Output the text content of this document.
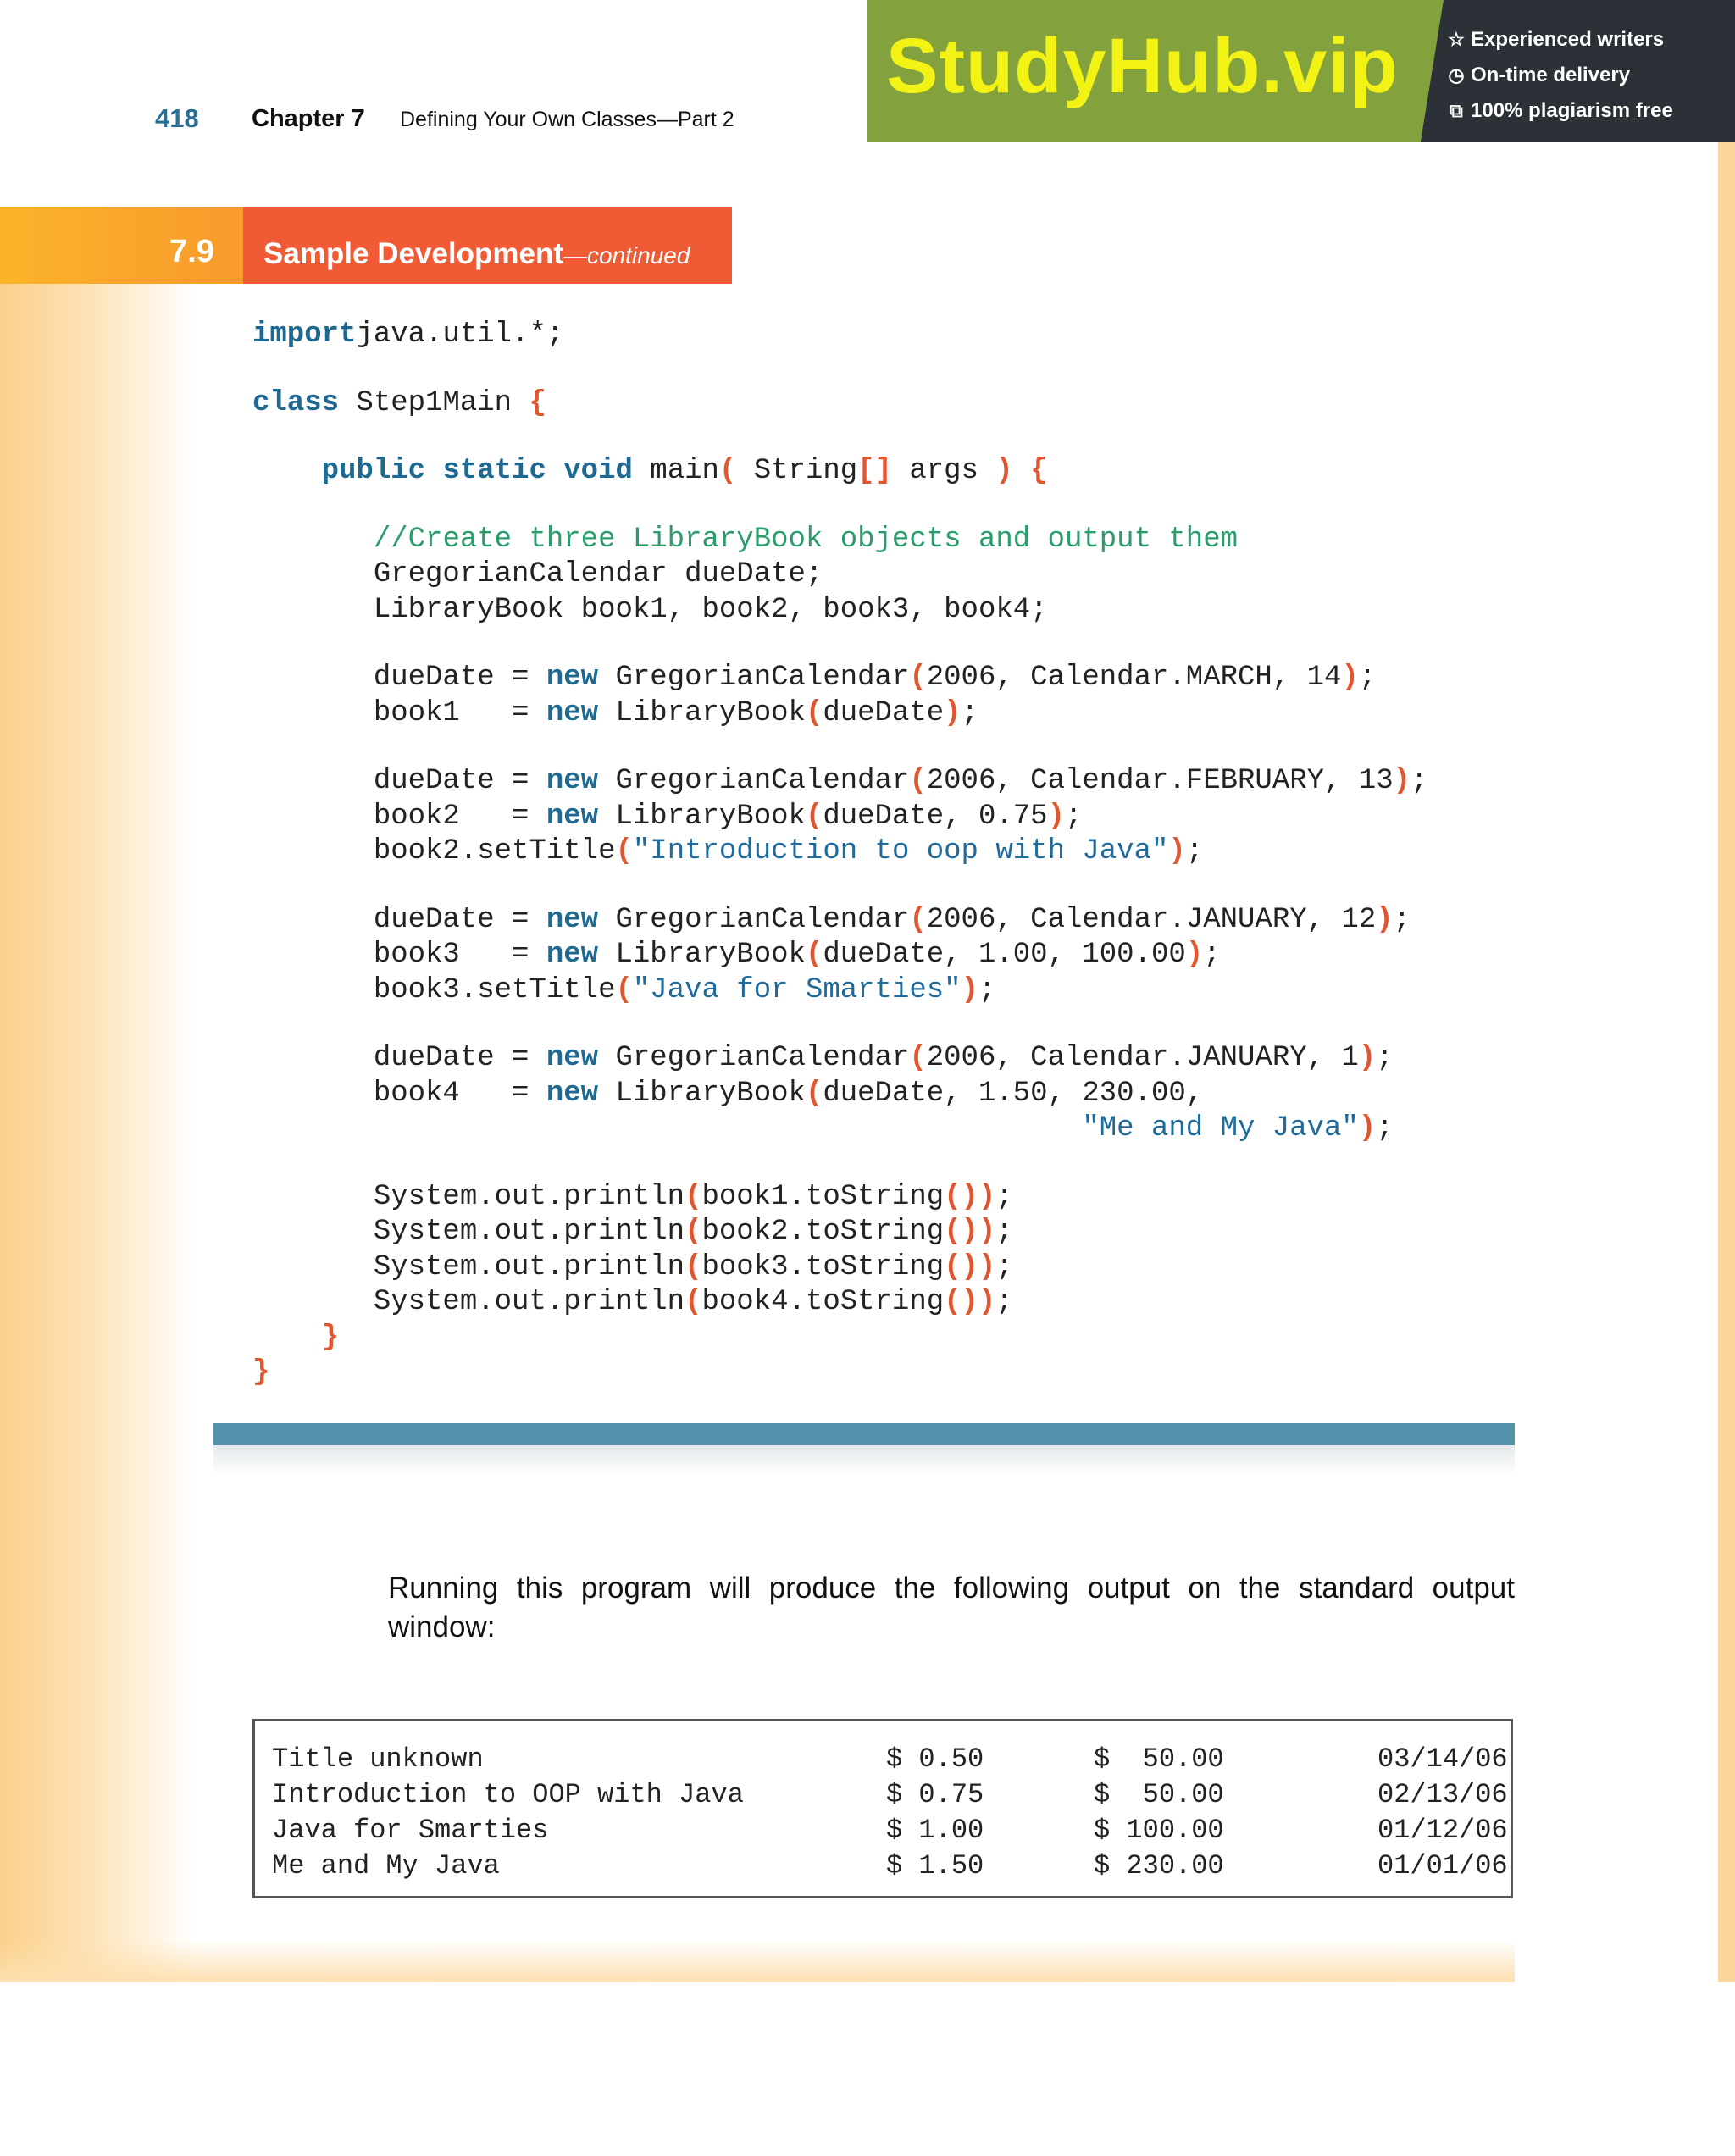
418 Chapter 7 Defining Your Own Classes—Part 2
StudyHub.vip	☆ Experienced writers
◷ On-time delivery
⧉ 100% plagiarism free
7.9 Sample Development—continued
importjava.util.*;
class Step1Main {
public static void main( String[] args ) {
//Create three LibraryBook objects and output them
GregorianCalendar dueDate;
LibraryBook book1, book2, book3, book4;
dueDate = new GregorianCalendar(2006, Calendar.MARCH, 14);
book1   = new LibraryBook(dueDate);
dueDate = new GregorianCalendar(2006, Calendar.FEBRUARY, 13);
book2   = new LibraryBook(dueDate, 0.75);
book2.setTitle("Introduction to oop with Java");
dueDate = new GregorianCalendar(2006, Calendar.JANUARY, 12);
book3   = new LibraryBook(dueDate, 1.00, 100.00);
book3.setTitle("Java for Smarties");
dueDate = new GregorianCalendar(2006, Calendar.JANUARY, 1);
book4   = new LibraryBook(dueDate, 1.50, 230.00,
"Me and My Java");
System.out.println(book1.toString());
System.out.println(book2.toString());
System.out.println(book3.toString());
System.out.println(book4.toString());
}
}
Running this program will produce the following output on the standard output window:
Title unknown	$ 0.50	$  50.00	03/14/06
Introduction to OOP with Java	$ 0.75	$  50.00	02/13/06
Java for Smarties	$ 1.00	$ 100.00	01/12/06
Me and My Java	$ 1.50	$ 230.00	01/01/06
